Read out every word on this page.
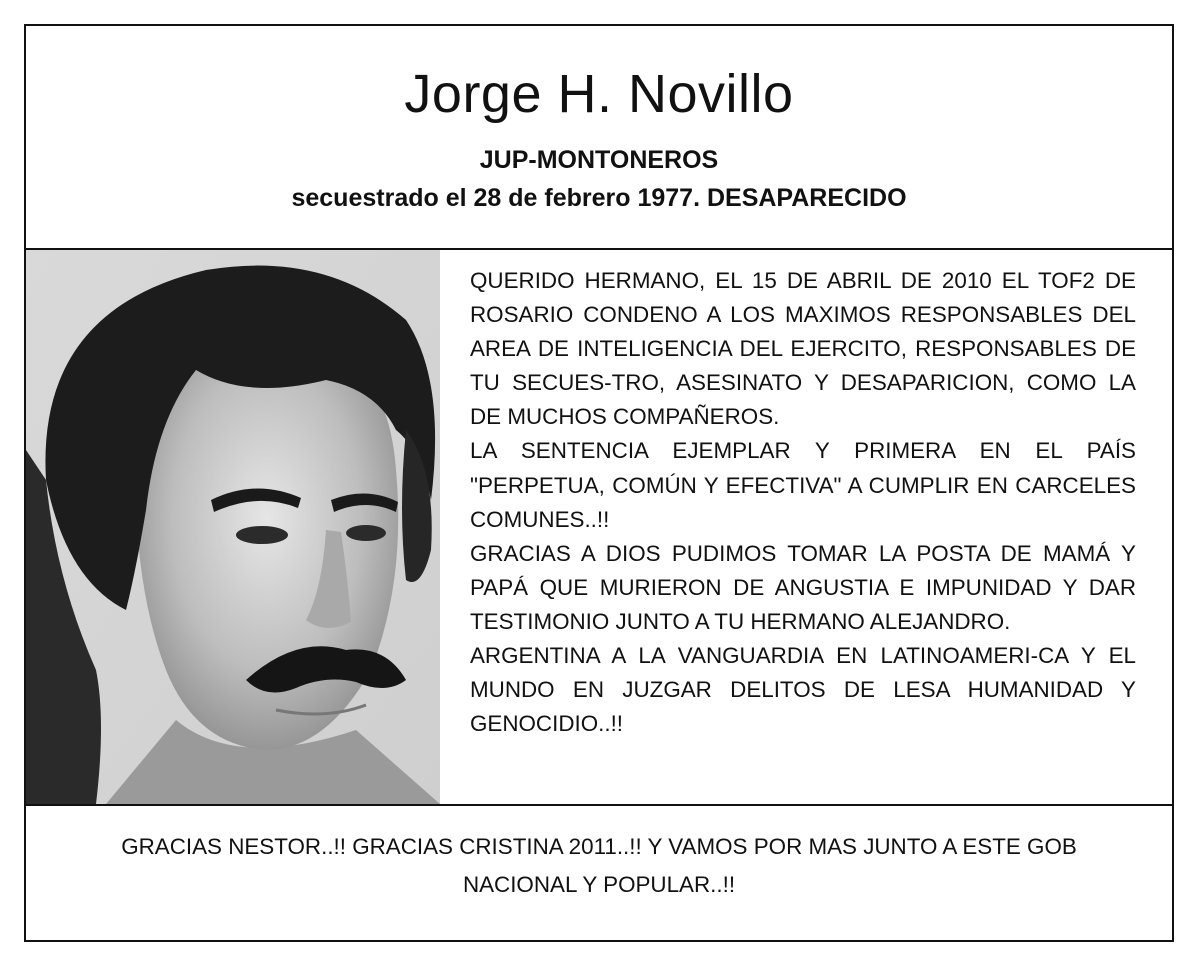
Jorge H. Novillo
JUP-MONTONEROS
secuestrado el 28 de febrero 1977. DESAPARECIDO
QUERIDO HERMANO, EL 15 DE ABRIL DE 2010 EL TOF2 DE ROSARIO CONDENO A LOS MAXIMOS RESPONSABLES DEL AREA DE INTELIGENCIA DEL EJERCITO, RESPONSABLES DE TU SECUES-TRO, ASESINATO Y DESAPARICION, COMO LA DE MUCHOS COMPAÑEROS.
LA SENTENCIA EJEMPLAR Y PRIMERA EN EL PAÍS "PERPETUA, COMÚN Y EFECTIVA" A CUMPLIR EN CARCELES COMUNES..!!
GRACIAS A DIOS PUDIMOS TOMAR LA POSTA DE MAMÁ Y PAPÁ QUE MURIERON DE ANGUSTIA E IMPUNIDAD Y DAR TESTIMONIO JUNTO A TU HERMANO ALEJANDRO.
ARGENTINA A LA VANGUARDIA EN LATINOAMERI-CA Y EL MUNDO EN JUZGAR DELITOS DE LESA HUMANIDAD Y GENOCIDIO..!!
GRACIAS NESTOR..!! GRACIAS CRISTINA 2011..!! Y VAMOS POR MAS JUNTO A ESTE GOB NACIONAL Y POPULAR..!!
